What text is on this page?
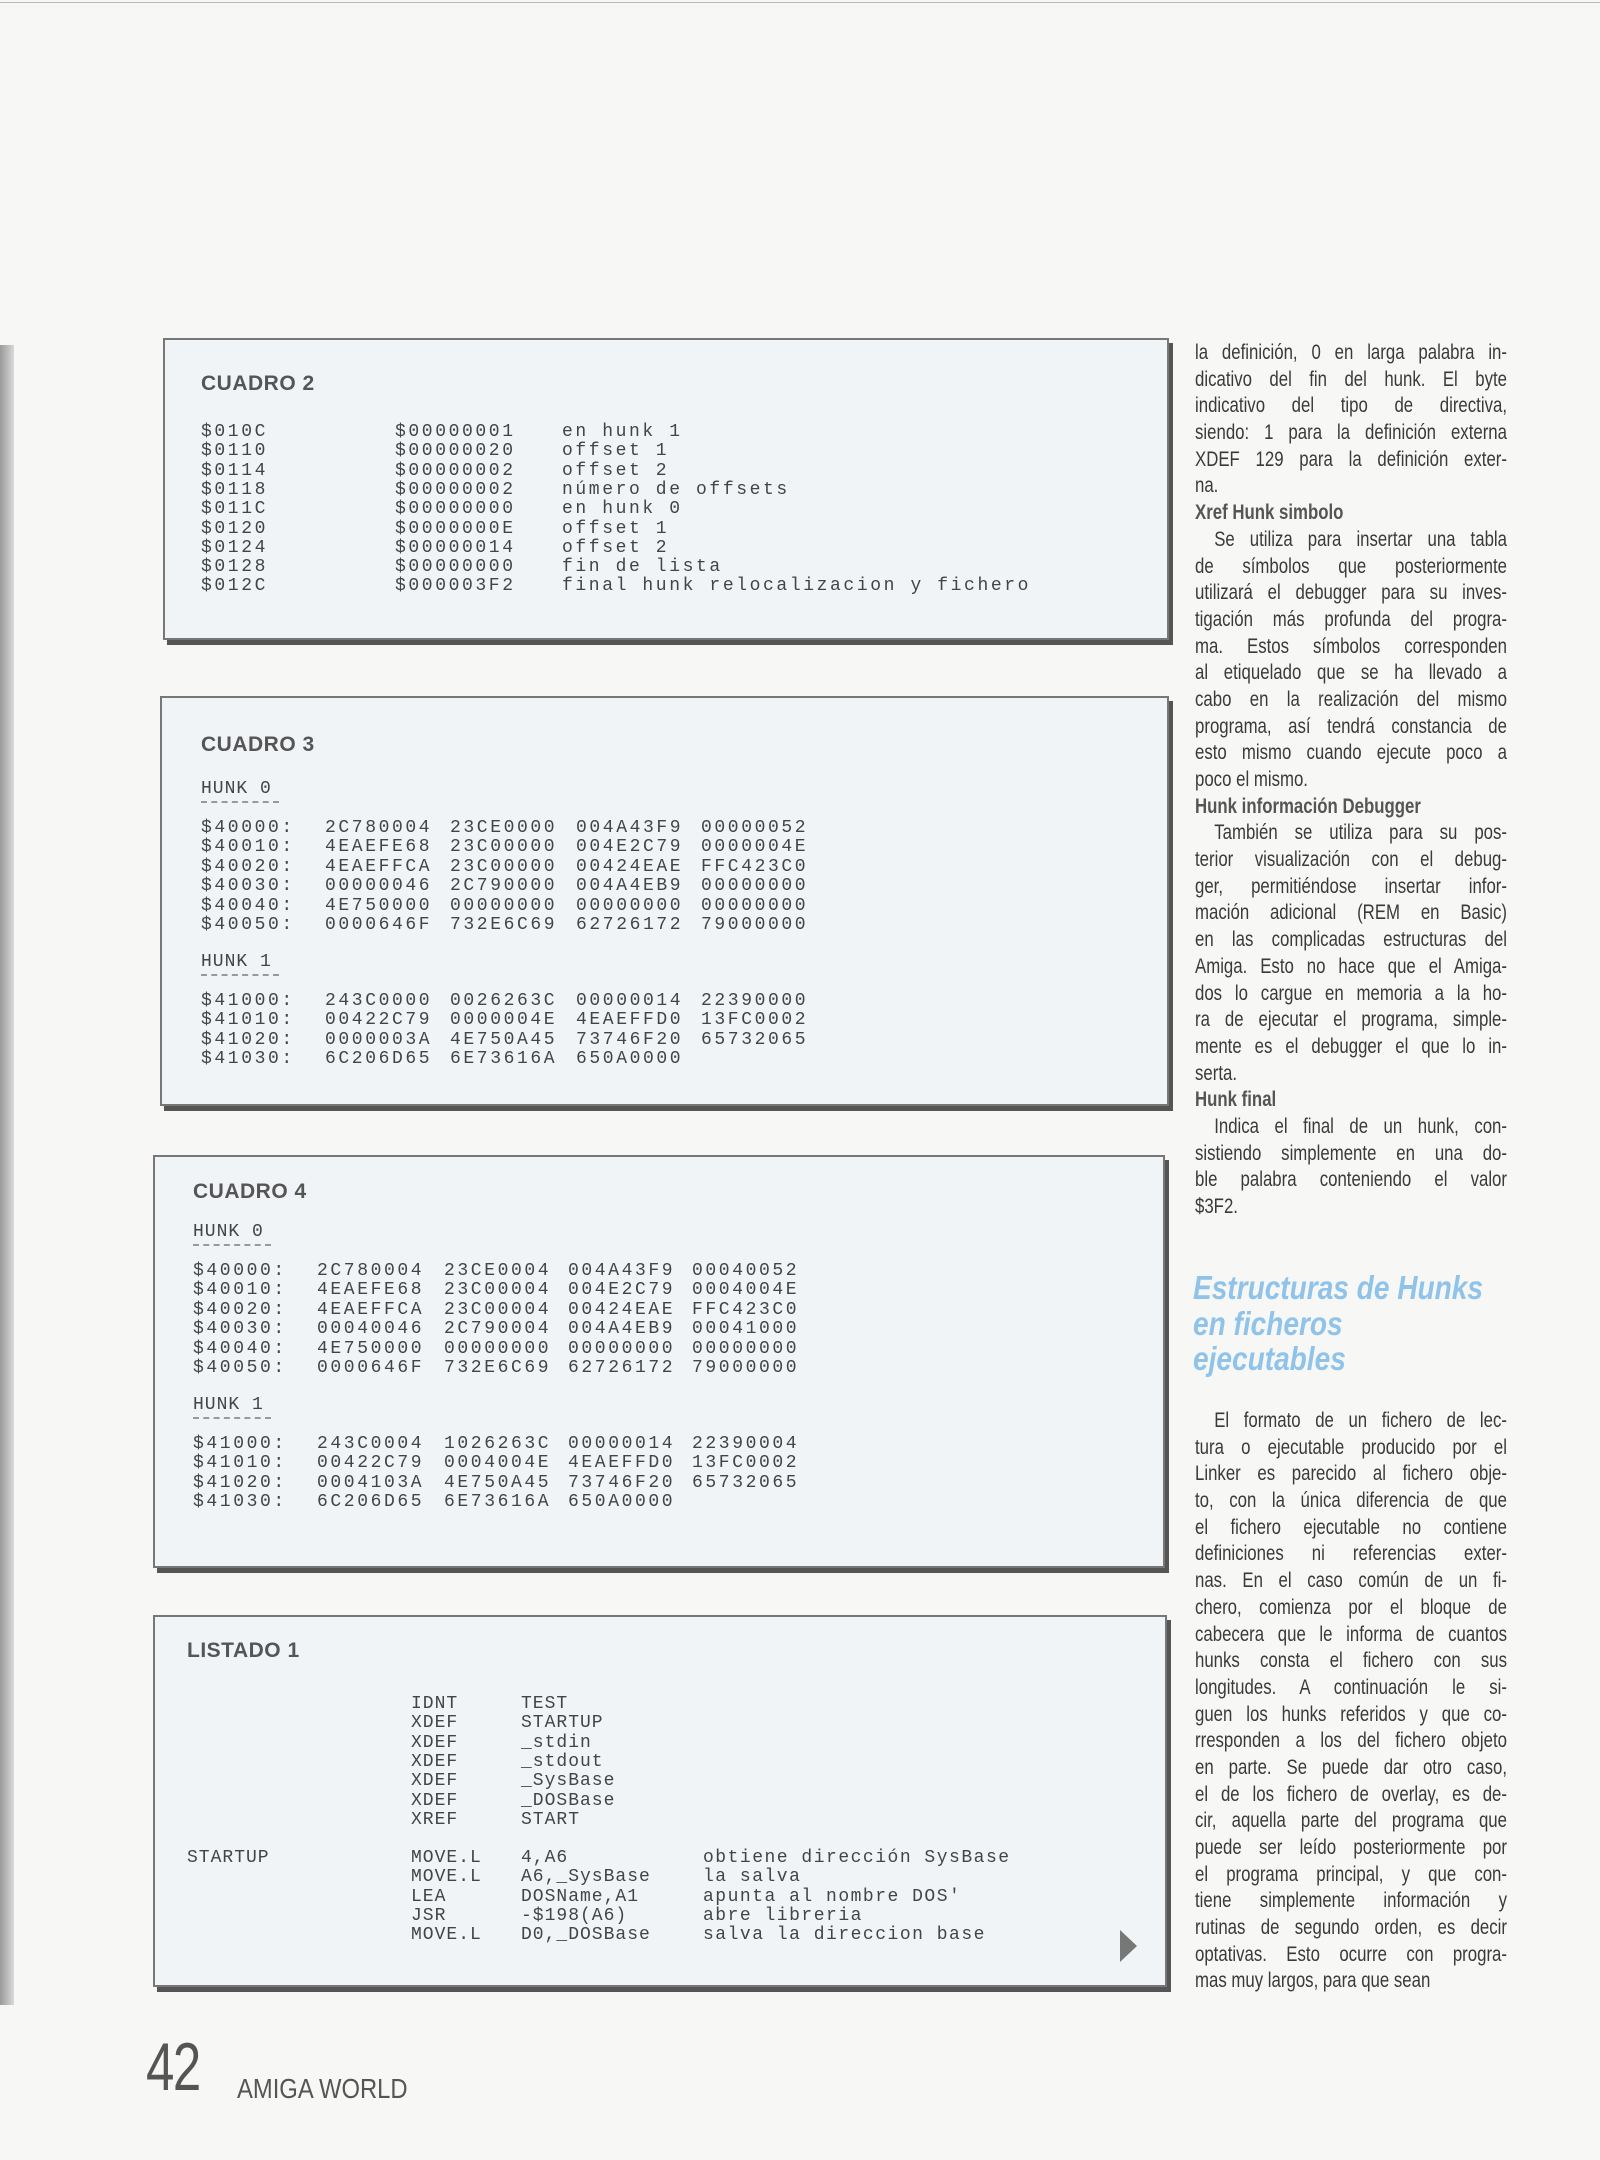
CUADRO 2
$010C	$00000001	en hunk 1
$0110	$00000020	offset 1
$0114	$00000002	offset 2
$0118	$00000002	número de offsets
$011C	$00000000	en hunk 0
$0120	$0000000E	offset 1
$0124	$00000014	offset 2
$0128	$00000000	fin de lista
$012C	$000003F2	final hunk relocalizacion y fichero
CUADRO 3
HUNK 0
$40000: 2C780004 23CE0000 004A43F9 00000052
$40010: 4EAEFE68 23C00000 004E2C79 0000004E
$40020: 4EAEFFCA 23C00000 00424EAE FFC423C0
$40030: 00000046 2C790000 004A4EB9 00000000
$40040: 4E750000 00000000 00000000 00000000
$40050: 0000646F 732E6C69 62726172 79000000
HUNK 1
$41000: 243C0000 0026263C 00000014 22390000
$41010: 00422C79 0000004E 4EAEFFD0 13FC0002
$41020: 0000003A 4E750A45 73746F20 65732065
$41030: 6C206D65 6E73616A 650A0000
CUADRO 4
HUNK 0
$40000: 2C780004 23CE0004 004A43F9 00040052
$40010: 4EAEFE68 23C00004 004E2C79 0004004E
$40020: 4EAEFFCA 23C00004 00424EAE FFC423C0
$40030: 00040046 2C790004 004A4EB9 00041000
$40040: 4E750000 00000000 00000000 00000000
$40050: 0000646F 732E6C69 62726172 79000000
HUNK 1
$41000: 243C0004 1026263C 00000014 22390004
$41010: 00422C79 0004004E 4EAEFFD0 13FC0002
$41020: 0004103A 4E750A45 73746F20 65732065
$41030: 6C206D65 6E73616A 650A0000
LISTADO 1
IDNT	TEST
XDEF	STARTUP
XDEF	_stdin
XDEF	_stdout
XDEF	_SysBase
XDEF	_DOSBase
XREF	START
STARTUP	MOVE.L 4,A6	obtiene dirección SysBase
MOVE.L A6,_SysBase	la salva
LEA	DOSName,A1	apunta al nombre DOS'
JSR	-$198(A6)	abre libreria
MOVE.L D0,_DOSBase	salva la direccion base
la definición, 0 en larga palabra in-
dicativo del fin del hunk. El byte
indicativo del tipo de directiva,
siendo: 1 para la definición externa
XDEF 129 para la definición exter-
na.
Xref Hunk simbolo
Se utiliza para insertar una tabla
de símbolos que posteriormente
utilizará el debugger para su inves-
tigación más profunda del progra-
ma. Estos símbolos corresponden
al etiquelado que se ha llevado a
cabo en la realización del mismo
programa, así tendrá constancia de
esto mismo cuando ejecute poco a
poco el mismo.
Hunk información Debugger
También se utiliza para su pos-
terior visualización con el debug-
ger, permitiéndose insertar infor-
mación adicional (REM en Basic)
en las complicadas estructuras del
Amiga. Esto no hace que el Amiga-
dos lo cargue en memoria a la ho-
ra de ejecutar el programa, simple-
mente es el debugger el que lo in-
serta.
Hunk final
Indica el final de un hunk, con-
sistiendo simplemente en una do-
ble palabra conteniendo el valor
$3F2.
Estructuras de Hunks
en ficheros
ejecutables
El formato de un fichero de lec-
tura o ejecutable producido por el
Linker es parecido al fichero obje-
to, con la única diferencia de que
el fichero ejecutable no contiene
definiciones ni referencias exter-
nas. En el caso común de un fi-
chero, comienza por el bloque de
cabecera que le informa de cuantos
hunks consta el fichero con sus
longitudes. A continuación le si-
guen los hunks referidos y que co-
rresponden a los del fichero objeto
en parte. Se puede dar otro caso,
el de los fichero de overlay, es de-
cir, aquella parte del programa que
puede ser leído posteriormente por
el programa principal, y que con-
tiene simplemente información y
rutinas de segundo orden, es decir
optativas. Esto ocurre con progra-
mas muy largos, para que sean
42 AMIGA WORLD
